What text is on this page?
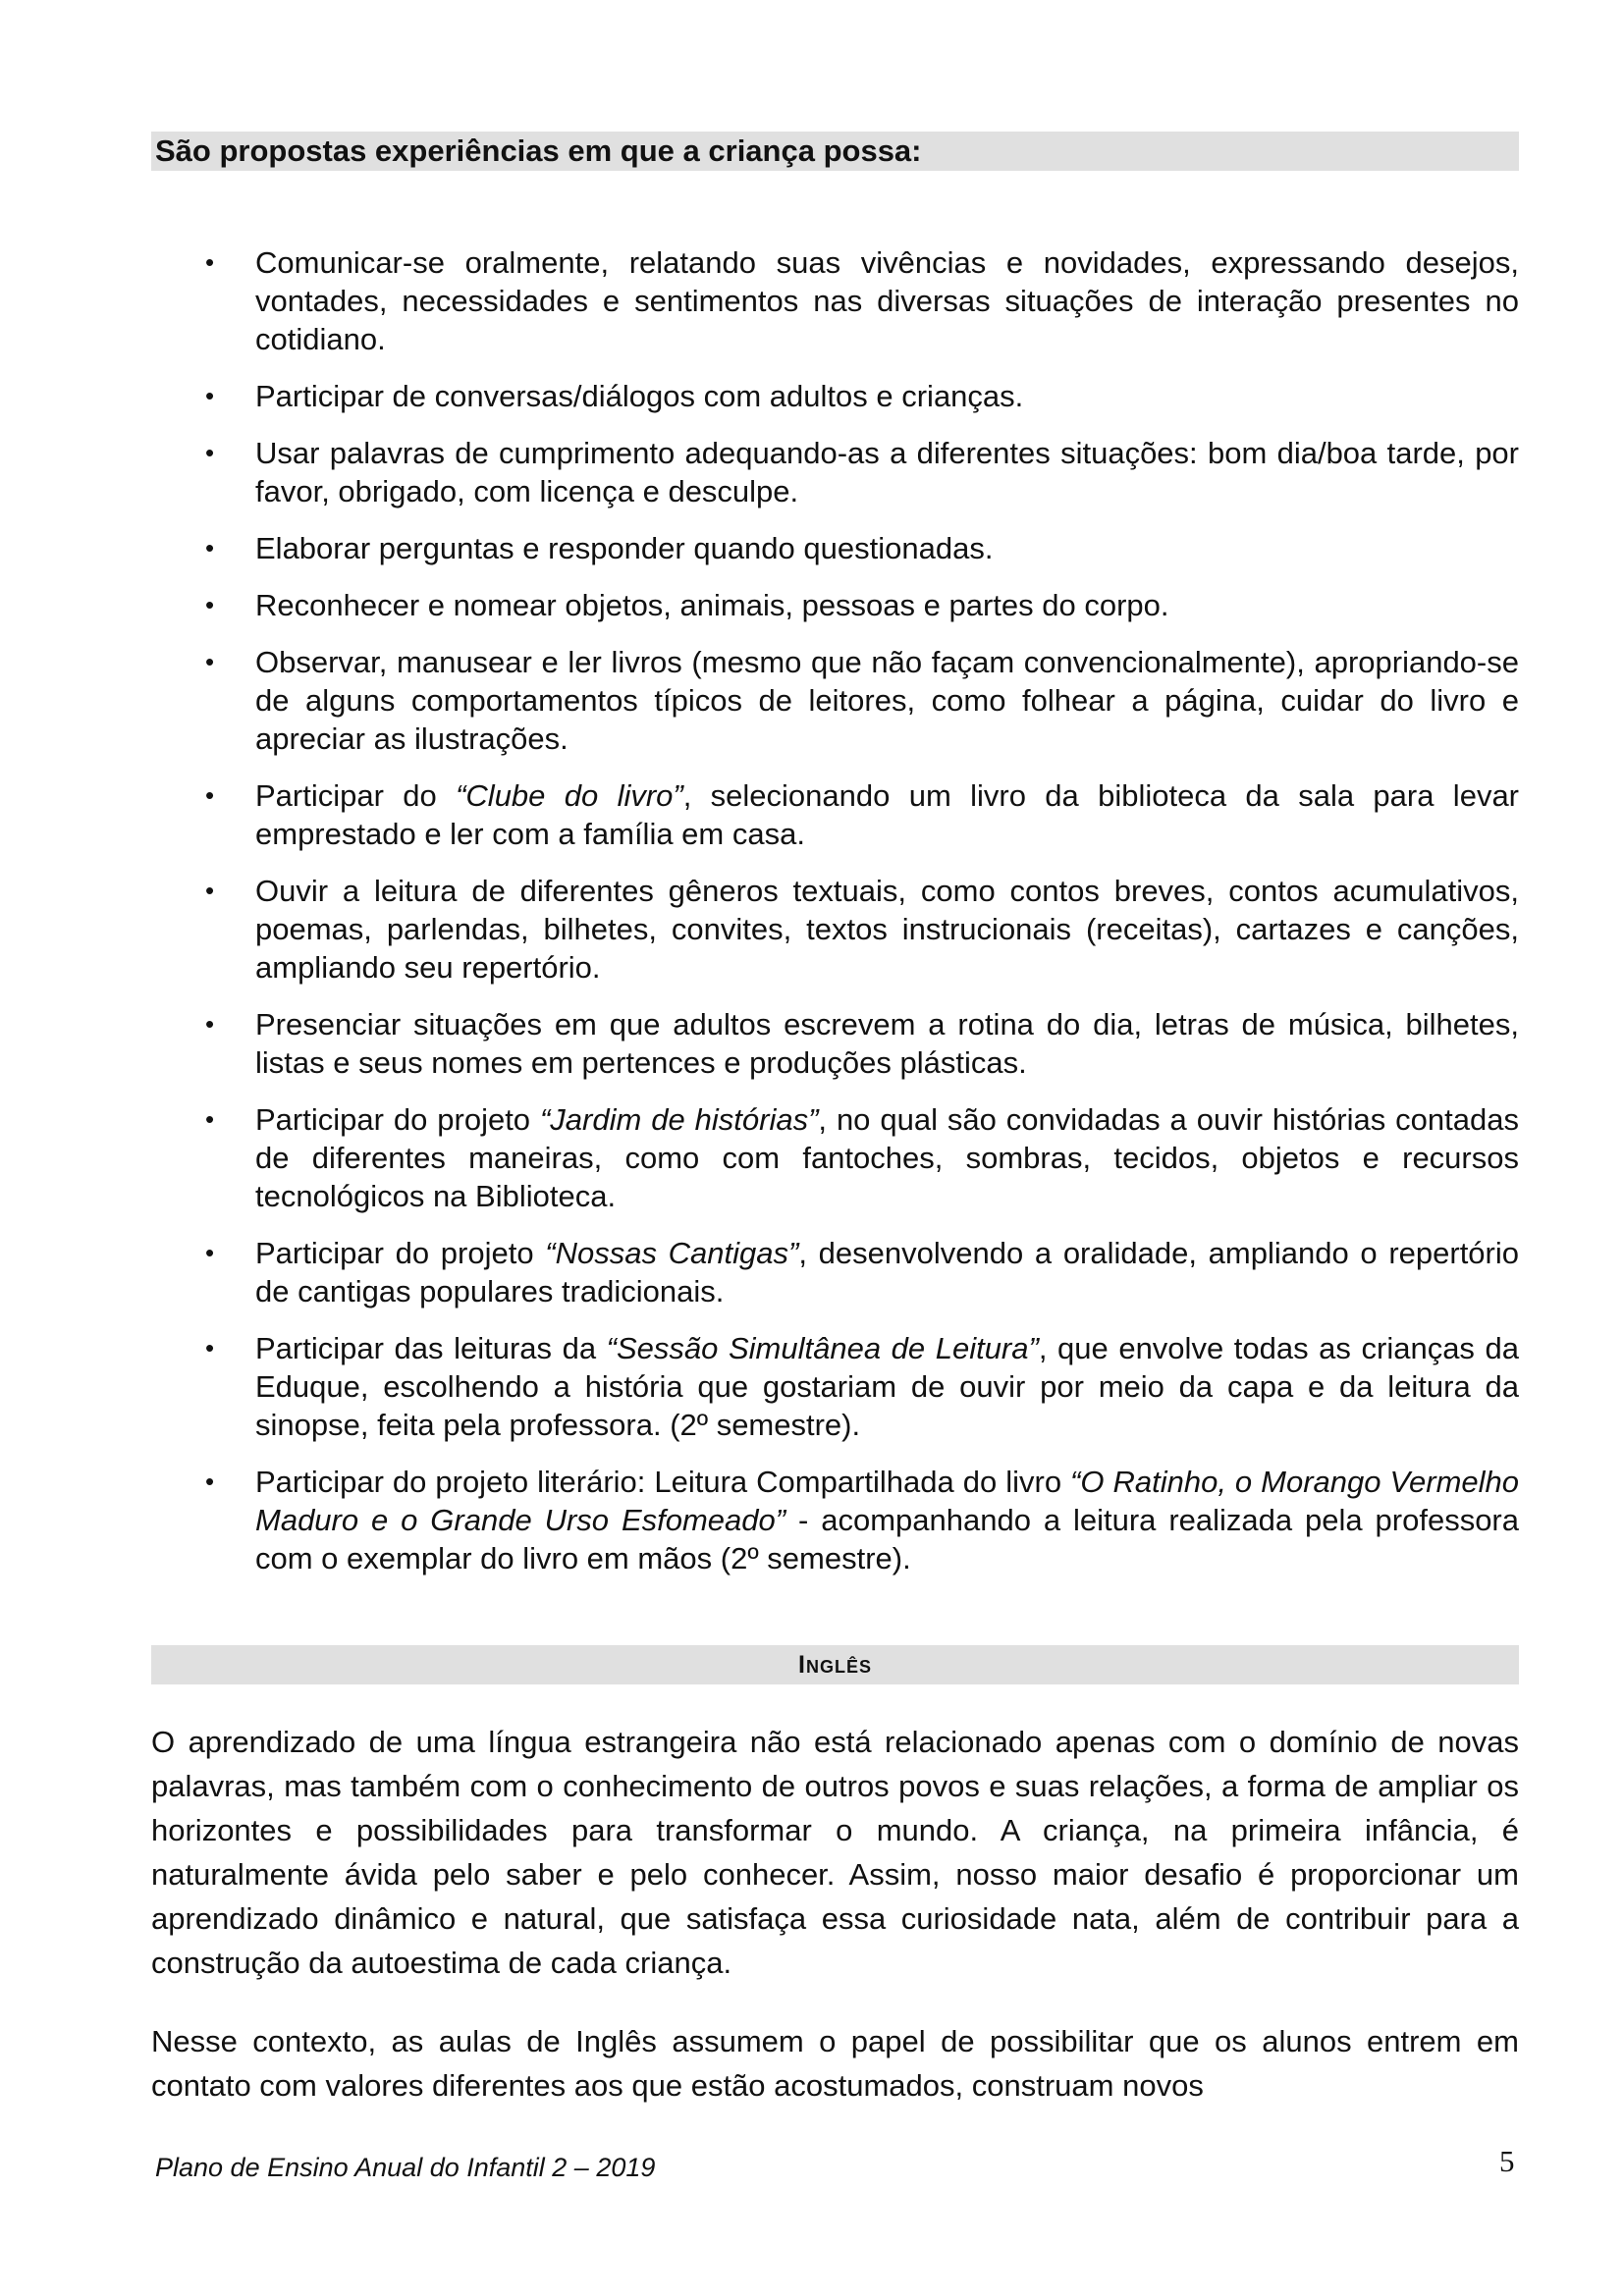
São propostas experiências em que a criança possa:
• Comunicar-se oralmente, relatando suas vivências e novidades, expressando desejos, vontades, necessidades e sentimentos nas diversas situações de interação presentes no cotidiano.
• Participar de conversas/diálogos com adultos e crianças.
• Usar palavras de cumprimento adequando-as a diferentes situações: bom dia/boa tarde, por favor, obrigado, com licença e desculpe.
• Elaborar perguntas e responder quando questionadas.
• Reconhecer e nomear objetos, animais, pessoas e partes do corpo.
• Observar, manusear e ler livros (mesmo que não façam convencionalmente), apropriando-se de alguns comportamentos típicos de leitores, como folhear a página, cuidar do livro e apreciar as ilustrações.
• Participar do “Clube do livro”, selecionando um livro da biblioteca da sala para levar emprestado e ler com a família em casa.
• Ouvir a leitura de diferentes gêneros textuais, como contos breves, contos acumulativos, poemas, parlendas, bilhetes, convites, textos instrucionais (receitas), cartazes e canções, ampliando seu repertório.
• Presenciar situações em que adultos escrevem a rotina do dia, letras de música, bilhetes, listas e seus nomes em pertences e produções plásticas.
• Participar do projeto “Jardim de histórias”, no qual são convidadas a ouvir histórias contadas de diferentes maneiras, como com fantoches, sombras, tecidos, objetos e recursos tecnológicos na Biblioteca.
• Participar do projeto “Nossas Cantigas”, desenvolvendo a oralidade, ampliando o repertório de cantigas populares tradicionais.
• Participar das leituras da “Sessão Simultânea de Leitura”, que envolve todas as crianças da Eduque, escolhendo a história que gostariam de ouvir por meio da capa e da leitura da sinopse, feita pela professora. (2º semestre).
• Participar do projeto literário: Leitura Compartilhada do livro “O Ratinho, o Morango Vermelho Maduro e o Grande Urso Esfomeado” - acompanhando a leitura realizada pela professora com o exemplar do livro em mãos (2º semestre).
Inglês

O aprendizado de uma língua estrangeira não está relacionado apenas com o domínio de novas palavras, mas também com o conhecimento de outros povos e suas relações, a forma de ampliar os horizontes e possibilidades para transformar o mundo. A criança, na primeira infância, é naturalmente ávida pelo saber e pelo conhecer. Assim, nosso maior desafio é proporcionar um aprendizado dinâmico e natural, que satisfaça essa curiosidade nata, além de contribuir para a construção da autoestima de cada criança.

Nesse contexto, as aulas de Inglês assumem o papel de possibilitar que os alunos entrem em contato com valores diferentes aos que estão acostumados, construam novos

Plano de Ensino Anual do Infantil 2 – 2019	5
